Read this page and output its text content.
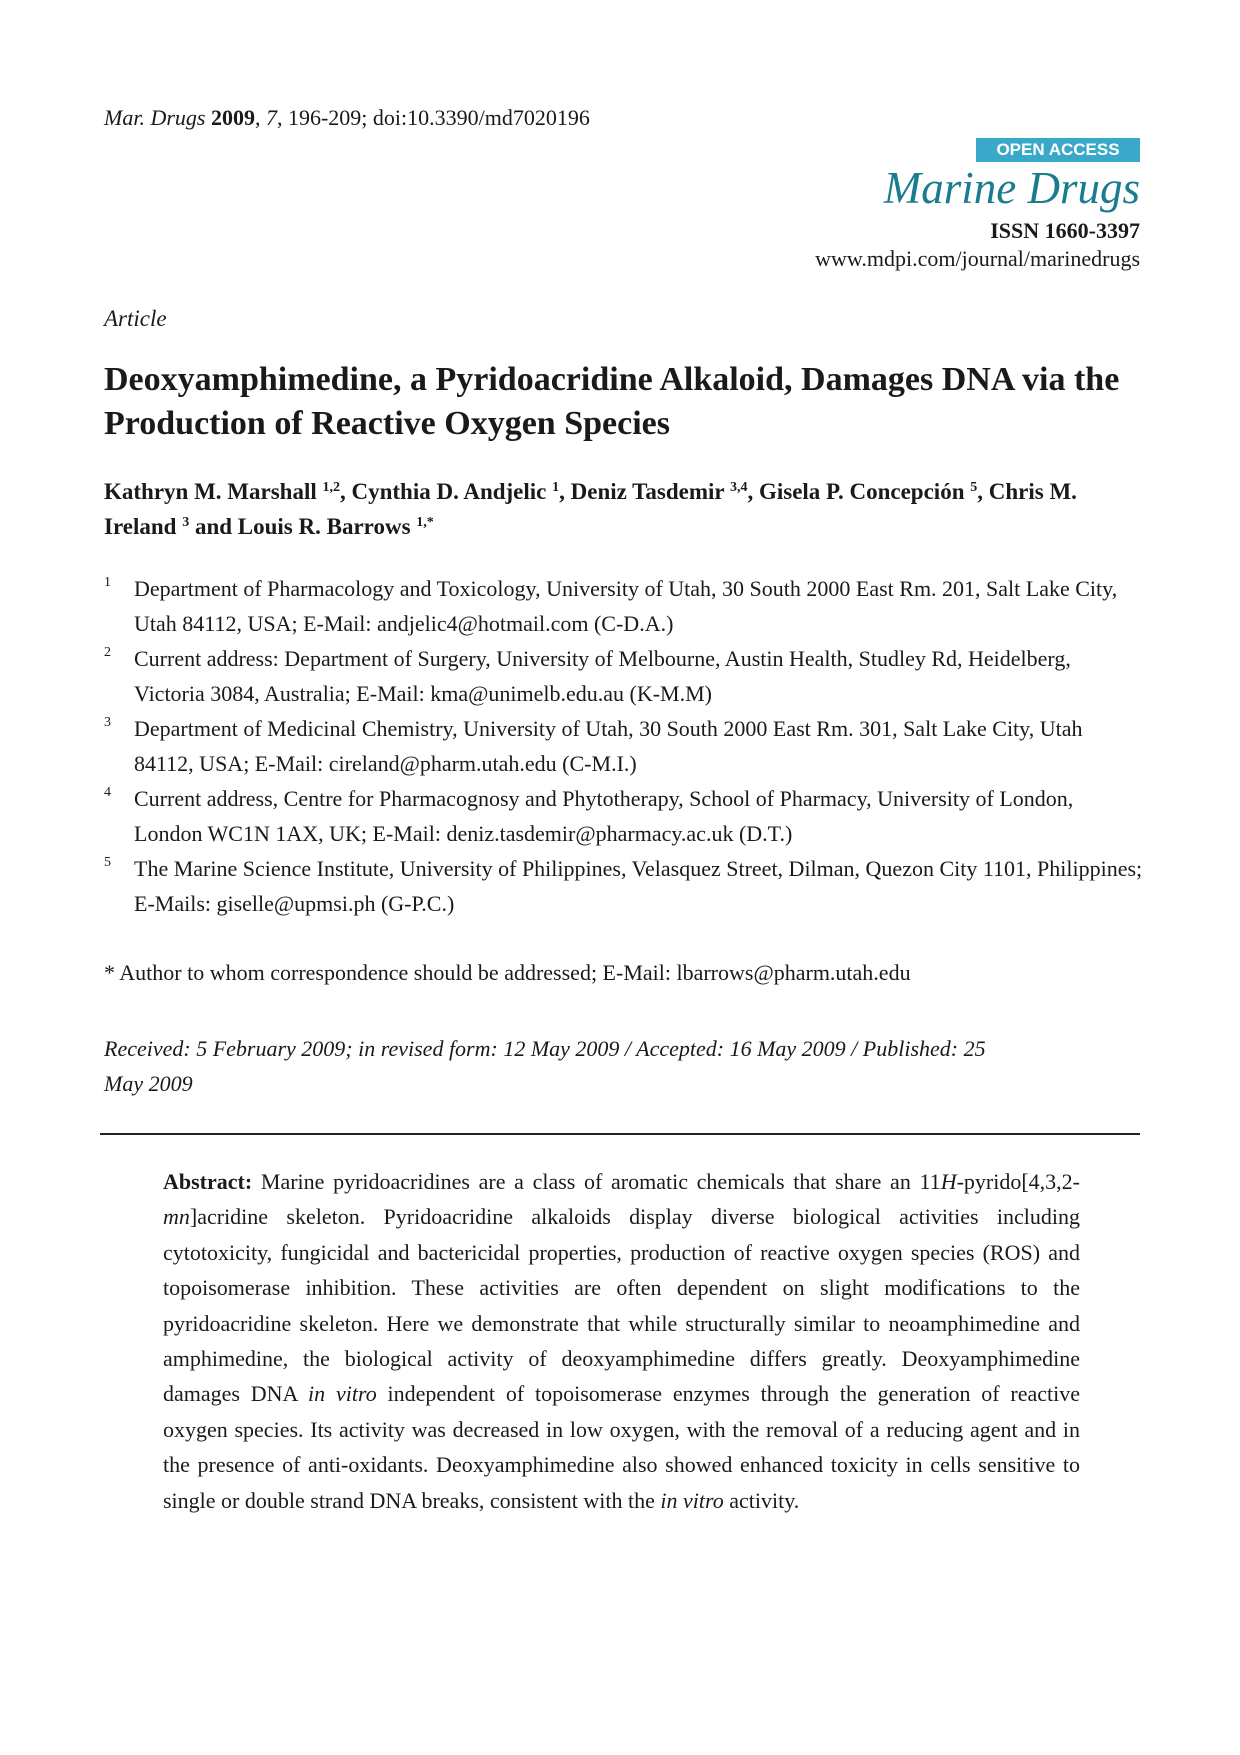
Mar. Drugs 2009, 7, 196-209; doi:10.3390/md7020196
OPEN ACCESS
Marine Drugs
ISSN 1660-3397
www.mdpi.com/journal/marinedrugs
Article
Deoxyamphimedine, a Pyridoacridine Alkaloid, Damages DNA via the Production of Reactive Oxygen Species
Kathryn M. Marshall $^{1,2}$, Cynthia D. Andjelic $^1$, Deniz Tasdemir $^{3,4}$, Gisela P. Concepción $^5$, Chris M. Ireland $^3$ and Louis R. Barrows $^{1,*}$
1 Department of Pharmacology and Toxicology, University of Utah, 30 South 2000 East Rm. 201, Salt Lake City, Utah 84112, USA; E-Mail: andjelic4@hotmail.com (C-D.A.)
2 Current address: Department of Surgery, University of Melbourne, Austin Health, Studley Rd, Heidelberg, Victoria 3084, Australia; E-Mail: kma@unimelb.edu.au (K-M.M)
3 Department of Medicinal Chemistry, University of Utah, 30 South 2000 East Rm. 301, Salt Lake City, Utah 84112, USA; E-Mail: cireland@pharm.utah.edu (C-M.I.)
4 Current address, Centre for Pharmacognosy and Phytotherapy, School of Pharmacy, University of London, London WC1N 1AX, UK; E-Mail: deniz.tasdemir@pharmacy.ac.uk (D.T.)
5 The Marine Science Institute, University of Philippines, Velasquez Street, Dilman, Quezon City 1101, Philippines; E-Mails: giselle@upmsi.ph (G-P.C.)
* Author to whom correspondence should be addressed; E-Mail: lbarrows@pharm.utah.edu
Received: 5 February 2009; in revised form: 12 May 2009 / Accepted: 16 May 2009 / Published: 25 May 2009
Abstract: Marine pyridoacridines are a class of aromatic chemicals that share an 11H-pyrido[4,3,2-mn]acridine skeleton. Pyridoacridine alkaloids display diverse biological activities including cytotoxicity, fungicidal and bactericidal properties, production of reactive oxygen species (ROS) and topoisomerase inhibition. These activities are often dependent on slight modifications to the pyridoacridine skeleton. Here we demonstrate that while structurally similar to neoamphimedine and amphimedine, the biological activity of deoxyamphimedine differs greatly. Deoxyamphimedine damages DNA in vitro independent of topoisomerase enzymes through the generation of reactive oxygen species. Its activity was decreased in low oxygen, with the removal of a reducing agent and in the presence of anti-oxidants. Deoxyamphimedine also showed enhanced toxicity in cells sensitive to single or double strand DNA breaks, consistent with the in vitro activity.
